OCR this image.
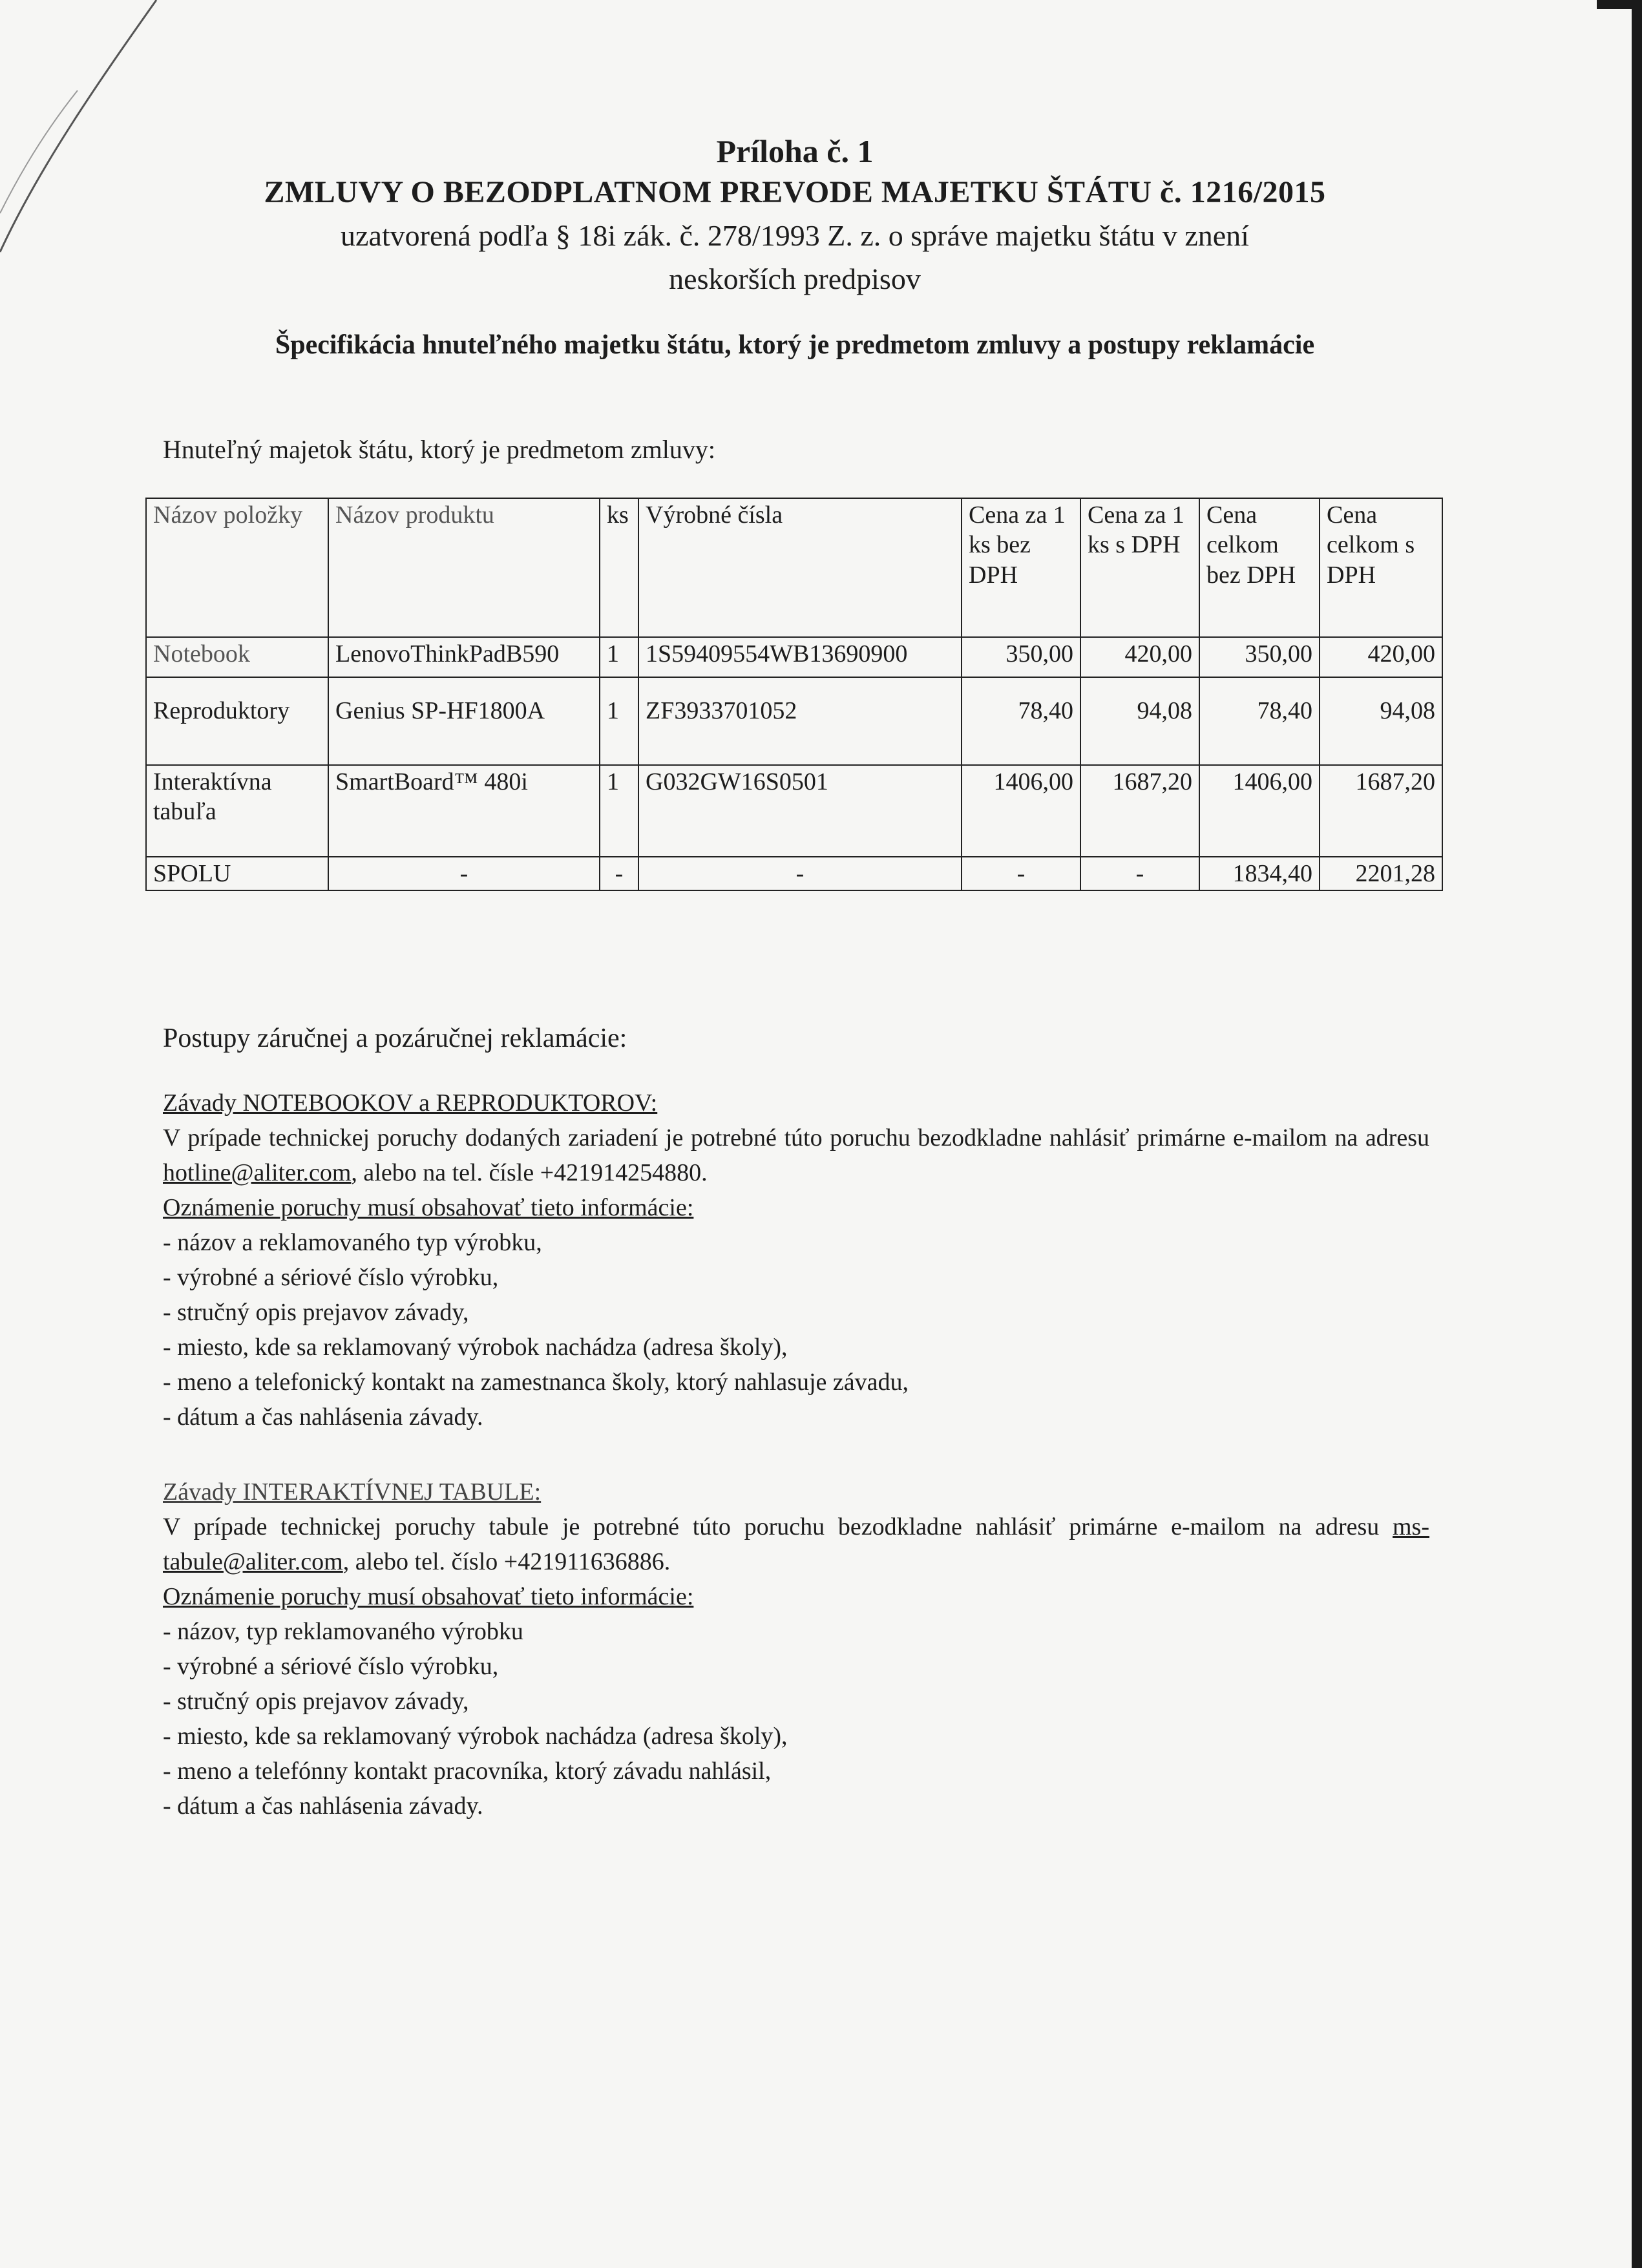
Príloha č. 1
ZMLUVY O BEZODPLATNOM PREVODE MAJETKU ŠTÁTU č. 1216/2015
uzatvorená podľa § 18i zák. č. 278/1993 Z. z. o správe majetku štátu v znení
neskorších predpisov
Špecifikácia hnuteľného majetku štátu, ktorý je predmetom zmluvy a postupy reklamácie
Hnuteľný majetok štátu, ktorý je predmetom zmluvy:
Názov položky	Názov produktu	ks	Výrobné čísla	Cena za 1 ks bez DPH	Cena za 1 ks s DPH	Cena celkom bez DPH	Cena celkom s DPH
Notebook	LenovoThinkPadB590	1	1S59409554WB13690900	350,00	420,00	350,00	420,00
Reproduktory	Genius SP-HF1800A	1	ZF3933701052	78,40	94,08	78,40	94,08
Interaktívna tabuľa	SmartBoard™ 480i	1	G032GW16S0501	1406,00	1687,20	1406,00	1687,20
SPOLU	-	-	-	-	-	1834,40	2201,28
Postupy záručnej a pozáručnej reklamácie:

Závady NOTEBOOKOV a REPRODUKTOROV:

V prípade technickej poruchy dodaných zariadení je potrebné túto poruchu bezodkladne nahlásiť primárne e-mailom na adresu hotline@aliter.com, alebo na tel. čísle +421914254880.

Oznámenie poruchy musí obsahovať tieto informácie:

- názov a reklamovaného typ výrobku,

- výrobné a sériové číslo výrobku,

- stručný opis prejavov závady,

- miesto, kde sa reklamovaný výrobok nachádza (adresa školy),

- meno a telefonický kontakt na zamestnanca školy, ktorý nahlasuje závadu,

- dátum a čas nahlásenia závady.

Závady INTERAKTÍVNEJ TABULE:

V prípade technickej poruchy tabule je potrebné túto poruchu bezodkladne nahlásiť primárne e-mailom na adresu ms-tabule@aliter.com, alebo tel. číslo +421911636886.

Oznámenie poruchy musí obsahovať tieto informácie:

- názov, typ reklamovaného výrobku

- výrobné a sériové číslo výrobku,

- stručný opis prejavov závady,

- miesto, kde sa reklamovaný výrobok nachádza (adresa školy),

- meno a telefónny kontakt pracovníka, ktorý závadu nahlásil,

- dátum a čas nahlásenia závady.
